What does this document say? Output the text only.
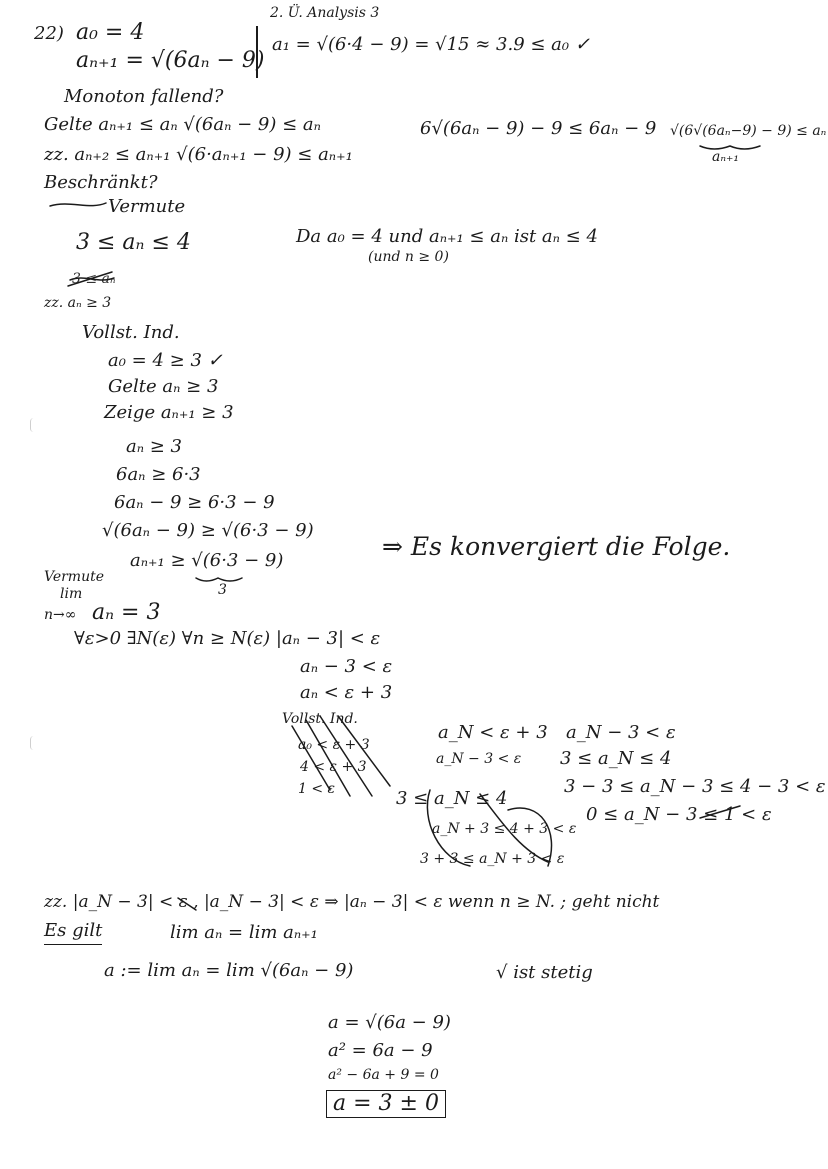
2. Ü. Analysis 3
22) a₀ = 4
aₙ₊₁ = √(6aₙ − 9)
a₁ = √(6·4 − 9) = √15 ≈ 3.9 ≤ a₀ ✓
Monoton fallend?
Gelte aₙ₊₁ ≤ aₙ √(6aₙ − 9) ≤ aₙ	6√(6aₙ − 9) − 9 ≤ 6aₙ − 9 √(6√(6aₙ−9) − 9) ≤ aₙ
aₙ₊₁
zz. aₙ₊₂ ≤ aₙ₊₁ √(6·aₙ₊₁ − 9) ≤ aₙ₊₁
Beschränkt?
Vermute
3 ≤ aₙ ≤ 4	Da a₀ = 4 und aₙ₊₁ ≤ aₙ ist aₙ ≤ 4
(und n ≥ 0)
3 ≤ aₙ
zz. aₙ ≥ 3
Vollst. Ind.
a₀ = 4 ≥ 3 ✓
Gelte aₙ ≥ 3
Zeige aₙ₊₁ ≥ 3
aₙ ≥ 3
6aₙ ≥ 6·3
6aₙ − 9 ≥ 6·3 − 9
√(6aₙ − 9) ≥ √(6·3 − 9)
aₙ₊₁ ≥ √(6·3 − 9)
3
⇒ Es konvergiert die Folge.
Vermute
lim
n→∞ aₙ = 3
∀ε>0 ∃N(ε) ∀n ≥ N(ε) |aₙ − 3| < ε
aₙ − 3 < ε
aₙ < ε + 3
Vollst. Ind.
a₀ < ε + 3
4 < ε + 3
1 < ε
a_N < ε + 3
a_N − 3 < ε
3 ≤ a_N ≤ 4
a_N + 3 ≤ 4 + 3 < ε
3 + 3 ≤ a_N + 3 < ε
a_N − 3 < ε
3 ≤ a_N ≤ 4
3 − 3 ≤ a_N − 3 ≤ 4 − 3 < ε
0 ≤ a_N − 3 ≤ 1 < ε
zz. |a_N − 3| < ε , |a_N − 3| < ε ⇒ |aₙ − 3| < ε wenn n ≥ N. ; geht nicht
Es gilt	lim aₙ = lim aₙ₊₁
a := lim aₙ = lim √(6aₙ − 9)	√ ist stetig
a = √(6a − 9)
a² = 6a − 9
a² − 6a + 9 = 0
a = 3 ± 0
